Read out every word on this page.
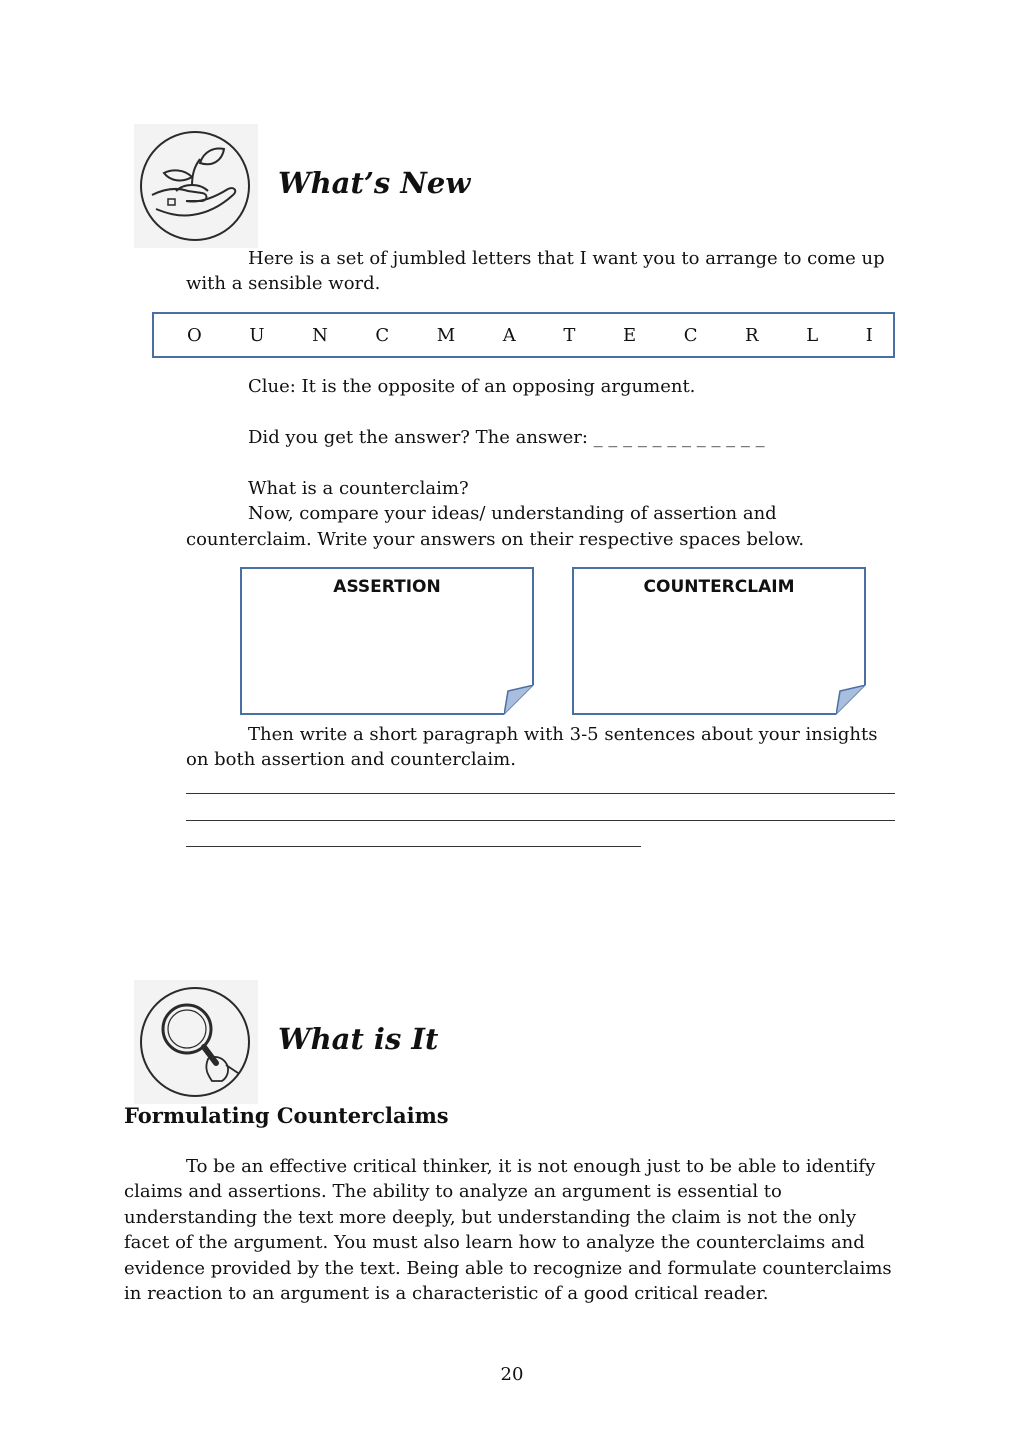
What’s New
Here is a set of jumbled letters that I want you to arrange to come up
with a sensible word.
O	U	N	C	M	A	T	E	C	R	L	I
Clue: It is the opposite of an opposing argument.
Did you get the answer? The answer: _ _ _ _ _ _ _ _ _ _ _ _
What is a counterclaim?
Now, compare your ideas/ understanding of assertion and
counterclaim. Write your answers on their respective spaces below.
ASSERTION	COUNTERCLAIM
Then write a short paragraph with 3-5 sentences about your insights
on both assertion and counterclaim.
What is It
Formulating Counterclaims
To be an effective critical thinker, it is not enough just to be able to identify
claims and assertions. The ability to analyze an argument is essential to
understanding the text more deeply, but understanding the claim is not the only
facet of the argument. You must also learn how to analyze the counterclaims and
evidence provided by the text. Being able to recognize and formulate counterclaims
in reaction to an argument is a characteristic of a good critical reader.
20
